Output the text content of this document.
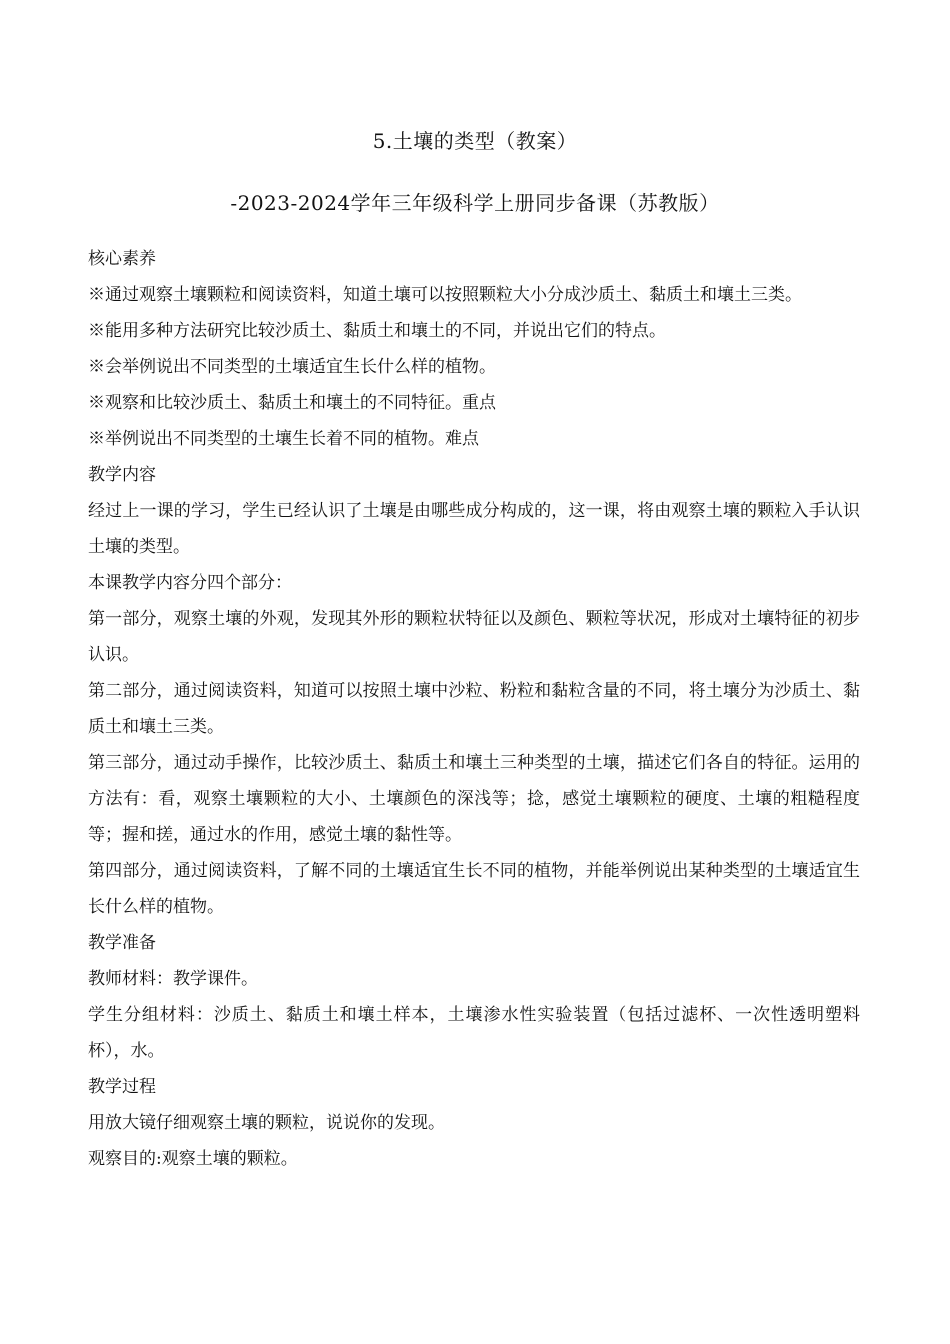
5.土壤的类型（教案）
-2023-2024学年三年级科学上册同步备课（苏教版）

核心素养

※通过观察土壤颗粒和阅读资料，知道土壤可以按照颗粒大小分成沙质土、黏质土和壤土三类。

※能用多种方法研究比较沙质土、黏质土和壤土的不同，并说出它们的特点。

※会举例说出不同类型的土壤适宜生长什么样的植物。

※观察和比较沙质土、黏质土和壤土的不同特征。重点

※举例说出不同类型的土壤生长着不同的植物。难点

教学内容

经过上一课的学习，学生已经认识了土壤是由哪些成分构成的，这一课，将由观察土壤的颗粒入手认识土壤的类型。

本课教学内容分四个部分：

第一部分，观察土壤的外观，发现其外形的颗粒状特征以及颜色、颗粒等状况，形成对土壤特征的初步认识。

第二部分，通过阅读资料，知道可以按照土壤中沙粒、粉粒和黏粒含量的不同，将土壤分为沙质土、黏质土和壤土三类。

第三部分，通过动手操作，比较沙质土、黏质土和壤土三种类型的土壤，描述它们各自的特征。运用的方法有：看，观察土壤颗粒的大小、土壤颜色的深浅等；捻，感觉土壤颗粒的硬度、土壤的粗糙程度等；握和搓，通过水的作用，感觉土壤的黏性等。

第四部分，通过阅读资料，了解不同的土壤适宜生长不同的植物，并能举例说出某种类型的土壤适宜生长什么样的植物。

教学准备

教师材料：教学课件。

学生分组材料：沙质土、黏质土和壤土样本，土壤渗水性实验装置（包括过滤杯、一次性透明塑料杯），水。

教学过程

用放大镜仔细观察土壤的颗粒，说说你的发现。

观察目的:观察土壤的颗粒。
